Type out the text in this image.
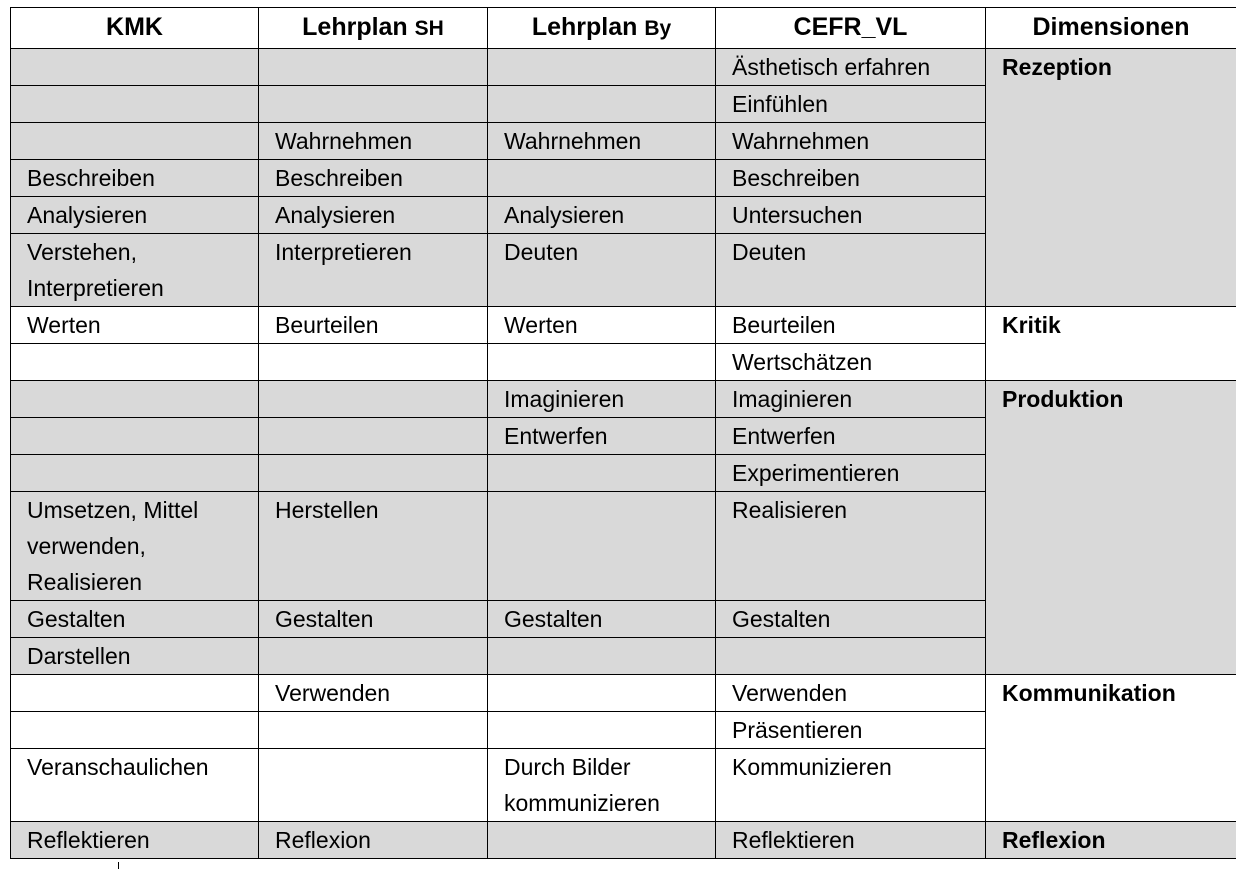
KMK	Lehrplan SH	Lehrplan By	CEFR_VL	Dimensionen
			Ästhetisch erfahren	Rezeption
			Einfühlen	
	Wahrnehmen	Wahrnehmen	Wahrnehmen	
Beschreiben	Beschreiben		Beschreiben	
Analysieren	Analysieren	Analysieren	Untersuchen	
Verstehen, Interpretieren	Interpretieren	Deuten	Deuten	
Werten	Beurteilen	Werten	Beurteilen	Kritik
			Wertschätzen	
		Imaginieren	Imaginieren	Produktion
		Entwerfen	Entwerfen	
			Experimentieren	
Umsetzen, Mittel verwenden, Realisieren	Herstellen		Realisieren	
Gestalten	Gestalten	Gestalten	Gestalten	
Darstellen				
	Verwenden		Verwenden	Kommunikation
			Präsentieren	
Veranschaulichen		Durch Bilder kommunizieren	Kommunizieren	
Reflektieren	Reflexion		Reflektieren	Reflexion
